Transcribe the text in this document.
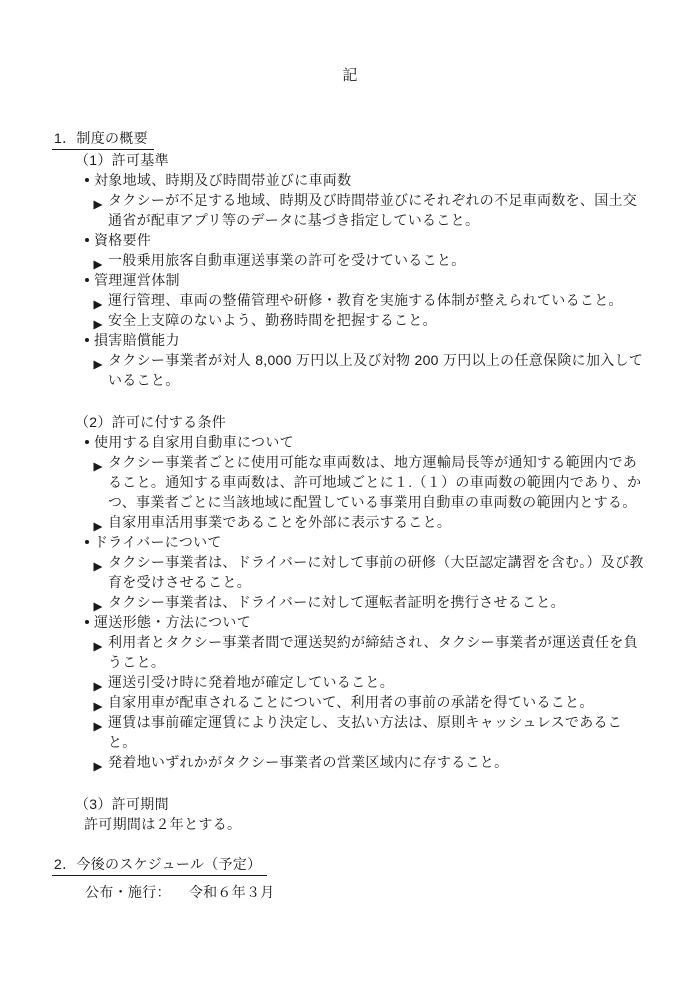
記
1．制度の概要
（1）許可基準
対象地域、時期及び時間帯並びに車両数
タクシーが不足する地域、時期及び時間帯並びにそれぞれの不足車両数を、国土交通省が配車アプリ等のデータに基づき指定していること。
資格要件
一般乗用旅客自動車運送事業の許可を受けていること。
管理運営体制
運行管理、車両の整備管理や研修・教育を実施する体制が整えられていること。
安全上支障のないよう、勤務時間を把握すること。
損害賠償能力
タクシー事業者が対人 8,000 万円以上及び対物 200 万円以上の任意保険に加入していること。
（2）許可に付する条件
使用する自家用自動車について
タクシー事業者ごとに使用可能な車両数は、地方運輸局長等が通知する範囲内であること。通知する車両数は、許可地域ごとに１.（１）の車両数の範囲内であり、かつ、事業者ごとに当該地域に配置している事業用自動車の車両数の範囲内とする。
自家用車活用事業であることを外部に表示すること。
ドライバーについて
タクシー事業者は、ドライバーに対して事前の研修（大臣認定講習を含む。）及び教育を受けさせること。
タクシー事業者は、ドライバーに対して運転者証明を携行させること。
運送形態・方法について
利用者とタクシー事業者間で運送契約が締結され、タクシー事業者が運送責任を負うこと。
運送引受け時に発着地が確定していること。
自家用車が配車されることについて、利用者の事前の承諾を得ていること。
運賃は事前確定運賃により決定し、支払い方法は、原則キャッシュレスであること。
発着地いずれかがタクシー事業者の営業区域内に存すること。
（3）許可期間
許可期間は２年とする。
2．今後のスケジュール（予定）
公布・施行： 令和６年３月
